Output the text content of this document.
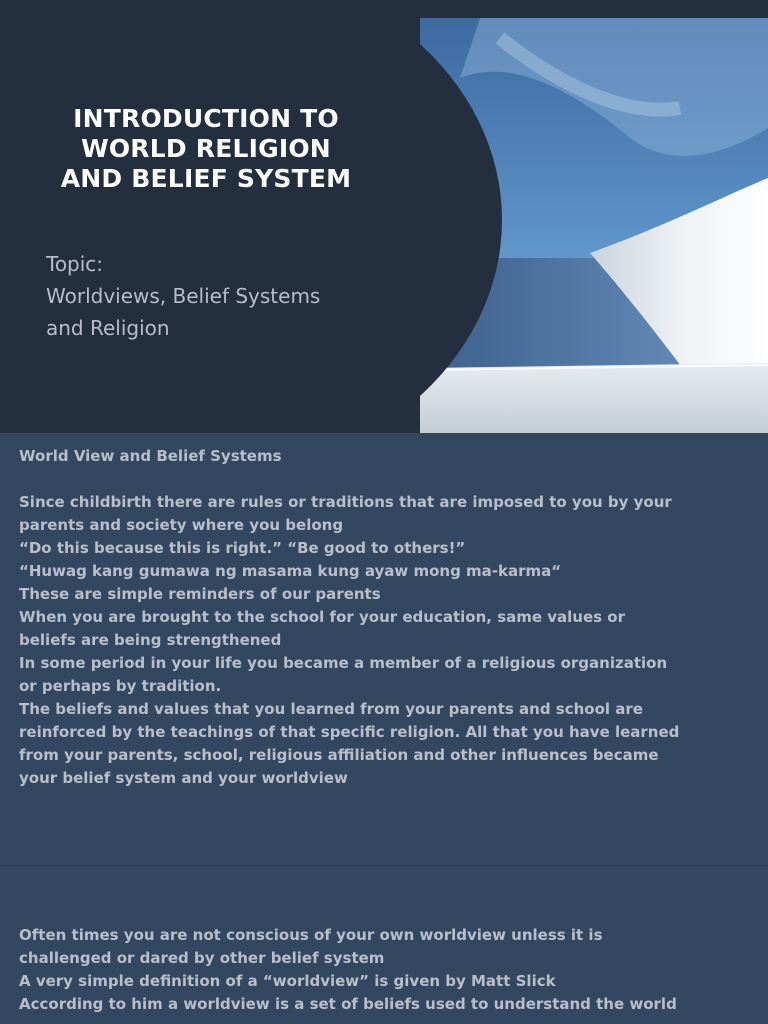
INTRODUCTION TO
WORLD RELIGION
AND BELIEF SYSTEM
Topic:
Worldviews, Belief Systems
and Religion
World View and Belief Systems

Since childbirth there are rules or traditions that are imposed to you by your
parents and society where you belong
“Do this because this is right.” “Be good to others!”
“Huwag kang gumawa ng masama kung ayaw mong ma-karma“
These are simple reminders of our parents
When you are brought to the school for your education, same values or
beliefs are being strengthened
In some period in your life you became a member of a religious organization
or perhaps by tradition.
The beliefs and values that you learned from your parents and school are
reinforced by the teachings of that specific religion. All that you have learned
from your parents, school, religious affiliation and other influences became
your belief system and your worldview
Often times you are not conscious of your own worldview unless it is
challenged or dared by other belief system
A very simple definition of a “worldview” is given by Matt Slick
According to him a worldview is a set of beliefs used to understand the world
